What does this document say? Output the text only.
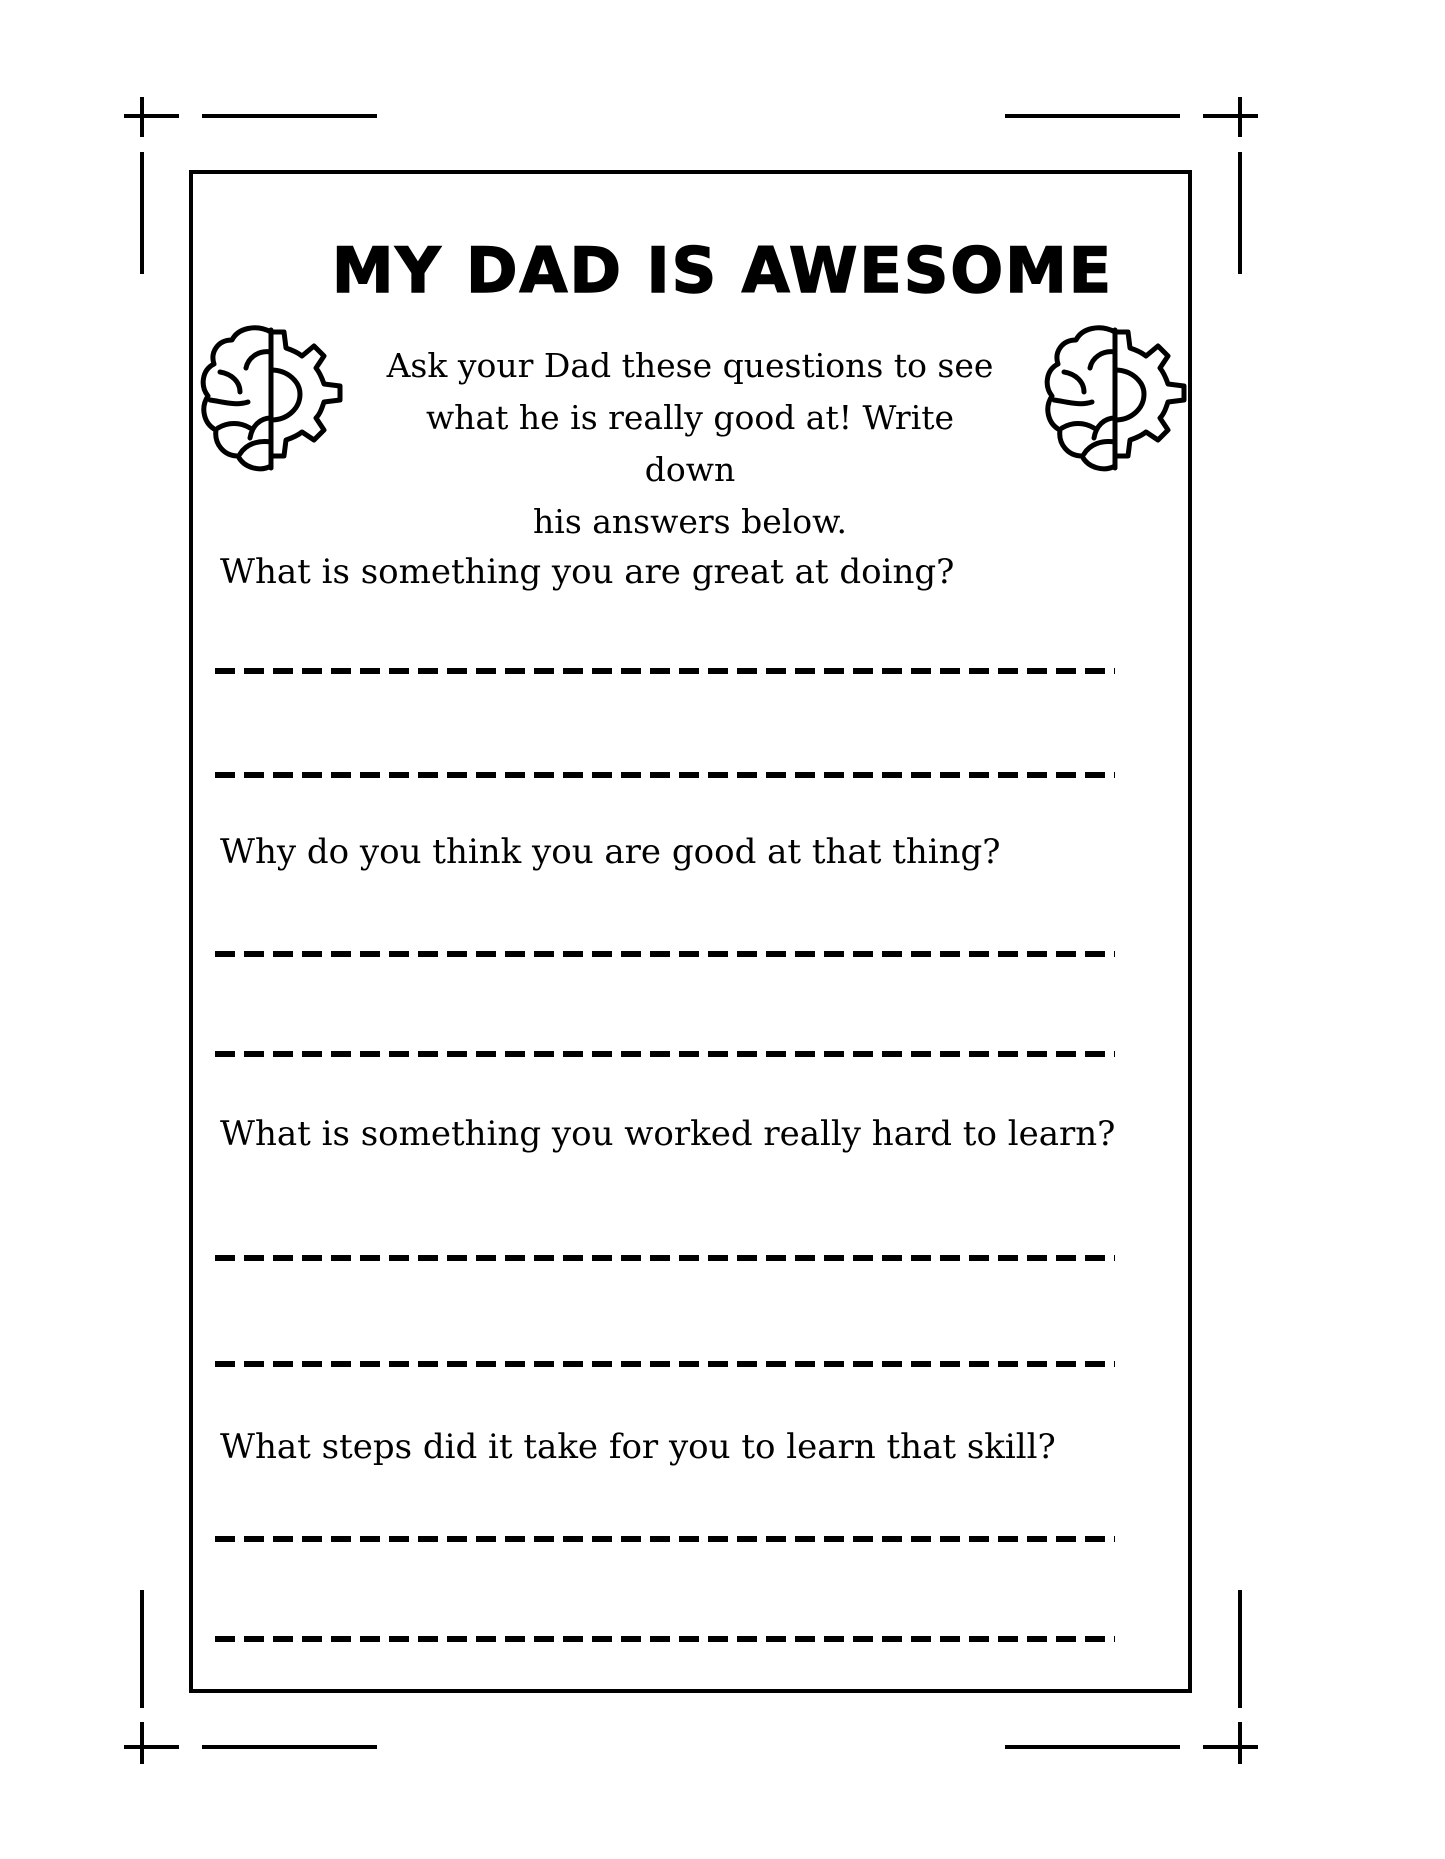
MY DAD IS AWESOME
Ask your Dad these questions to see
what he is really good at! Write down
his answers below.
What is something you are great at doing?
Why do you think you are good at that thing?
What is something you worked really hard to learn?
What steps did it take for you to learn that skill?
